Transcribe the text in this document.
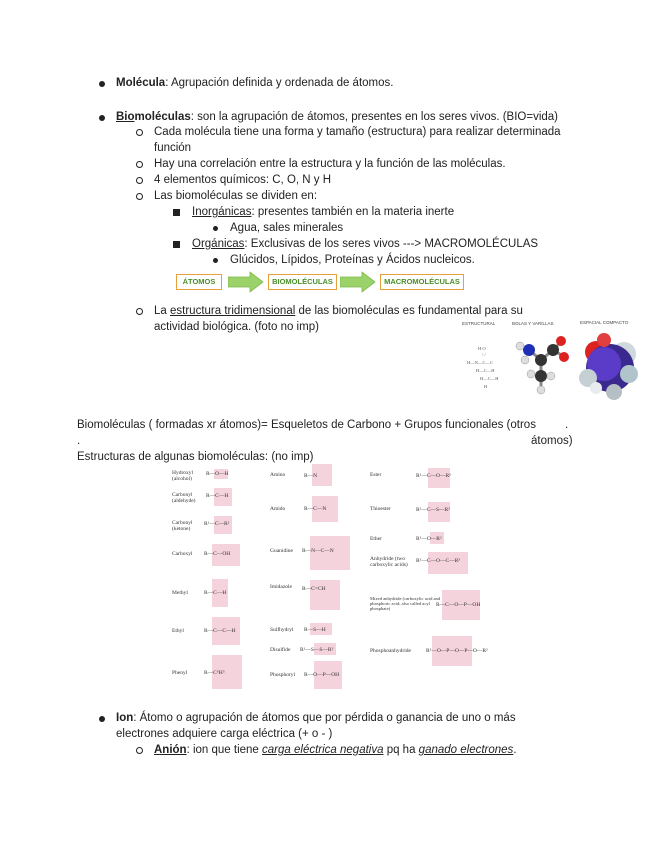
Molécula: Agrupación definida y ordenada de átomos.
Biomoléculas: son la agrupación de átomos, presentes en los seres vivos. (BIO=vida)
Cada molécula tiene una forma y tamaño (estructura) para realizar determinada
función
Hay una correlación entre la estructura y la función de las moléculas.
4 elementos químicos: C, O, N y H
Las biomoléculas se dividen en:
Inorgánicas: presentes también en la materia inerte
Agua, sales minerales
Orgánicas: Exclusivas de los seres vivos ---> MACROMOLÉCULAS
Glúcidos, Lípidos, Proteínas y Ácidos nucleicos.
ÁTOMOS	BIOMOLÉCULAS	MACROMOLÉCULAS
La estructura tridimensional de las biomoléculas es fundamental para su
actividad biológica. (foto no imp)	ESTRUCTURAL	BOLAS Y VARILLAS	ESPACIAL COMPACTO
H O
\ /
H—N—C—C
H—C—H
H—C—H
H
Biomoléculas ( formadas xr átomos)= Esqueletos de Carbono + Grupos funcionales (otros	.
.	átomos)
Estructuras de algunas biomoléculas: (no imp)
Hydroxyl (alcohol)
R—O—H
Carbonyl (aldehyde)
R—C—H
Carbonyl (ketone)
R¹—C—R²
Carboxyl R—C—OH
Methyl	R—C—H
Ethyl	R—C—C—H
Phenyl	R—C⁶H⁵
Amino	R—N
Amido	R—C—N
Guanidine R—N—C—N
Imidazole R—C=CH
Sulfhydryl R—S—H
Disulfide R¹—S—S—R²
Phosphoryl R—O—P—OH
Ester	R¹—C—O—R²
Thioester	R¹—C—S—R²
Ether	R¹—O—R²
Anhydride (two carboxylic acids)
R¹—C—O—C—R²
Mixed anhydride (carboxylic acid and phosphoric acid; also called acyl phosphate)
R—C—O—P—OH
Phosphoanhydride	R¹—O—P—O—P—O—R²
Ion: Átomo o agrupación de átomos que por pérdida o ganancia de uno o más
electrones adquiere carga eléctrica (+ o - )
Anión: ion que tiene carga eléctrica negativa pq ha ganado electrones.
